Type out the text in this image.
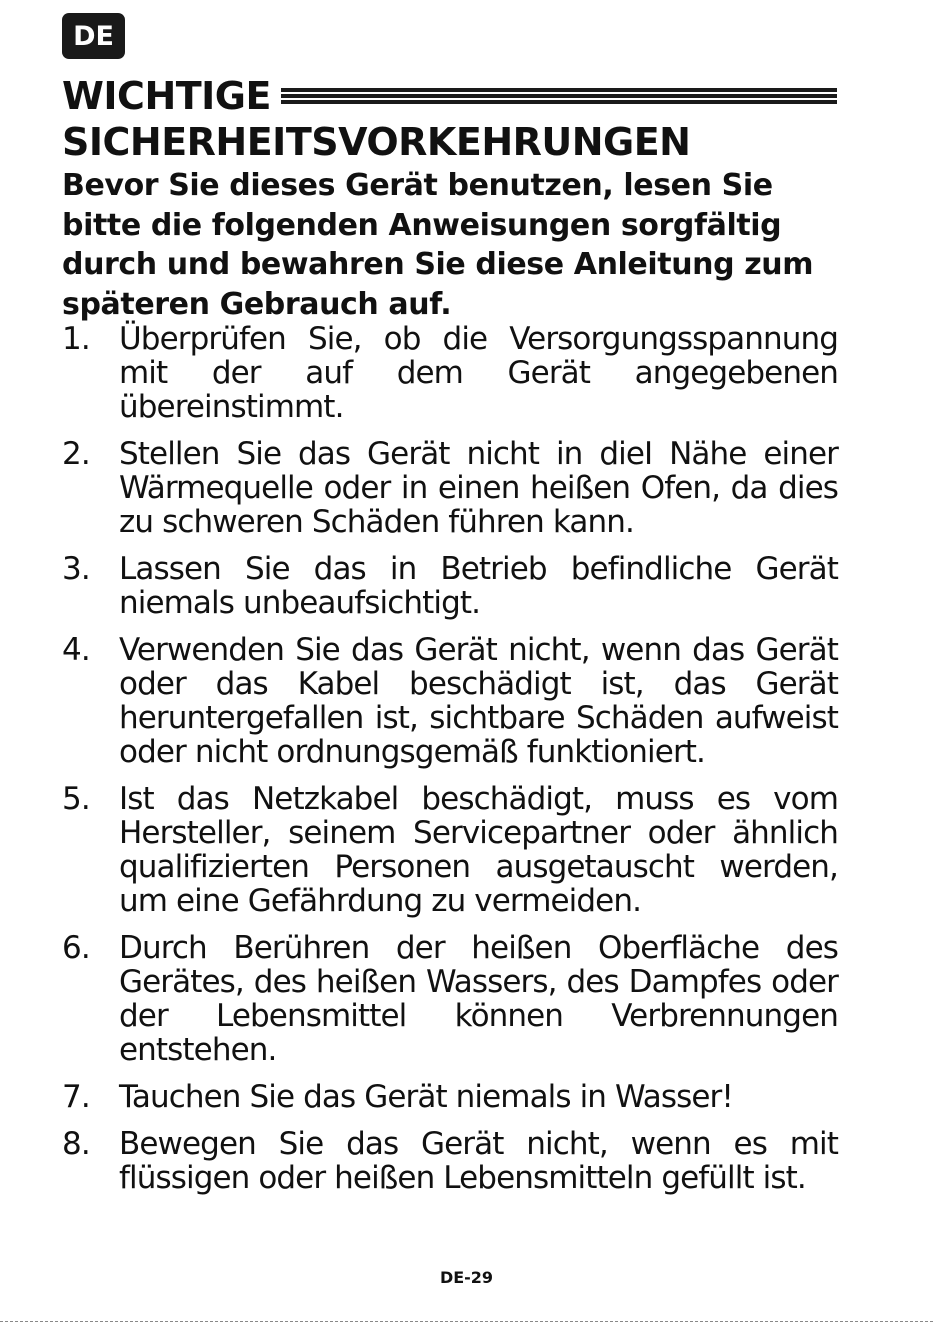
DE
WICHTIGE
SICHERHEITSVORKEHRUNGEN
Bevor Sie dieses Gerät benutzen, lesen Sie bitte die folgenden Anweisungen sorgfältig durch und bewahren Sie diese Anleitung zum späteren Gebrauch auf.
1. Überprüfen Sie, ob die Versorgungsspannung mit der auf dem Gerät angegebenen übereinstimmt.
2. Stellen Sie das Gerät nicht in dieI Nähe einer Wärmequelle oder in einen heißen Ofen, da dies zu schweren Schäden führen kann.
3. Lassen Sie das in Betrieb befindliche Gerät niemals unbeaufsichtigt.
4. Verwenden Sie das Gerät nicht, wenn das Gerät oder das Kabel beschädigt ist, das Gerät heruntergefallen ist, sichtbare Schäden aufweist oder nicht ordnungsgemäß funktioniert.
5. Ist das Netzkabel beschädigt, muss es vom Hersteller, seinem Servicepartner oder ähnlich qualifizierten Personen ausgetauscht werden, um eine Gefährdung zu vermeiden.
6. Durch Berühren der heißen Oberfläche des Gerätes, des heißen Wassers, des Dampfes oder der Lebensmittel können Verbrennungen entstehen.
7. Tauchen Sie das Gerät niemals in Wasser!
8. Bewegen Sie das Gerät nicht, wenn es mit flüssigen oder heißen Lebensmitteln gefüllt ist.
DE-29
